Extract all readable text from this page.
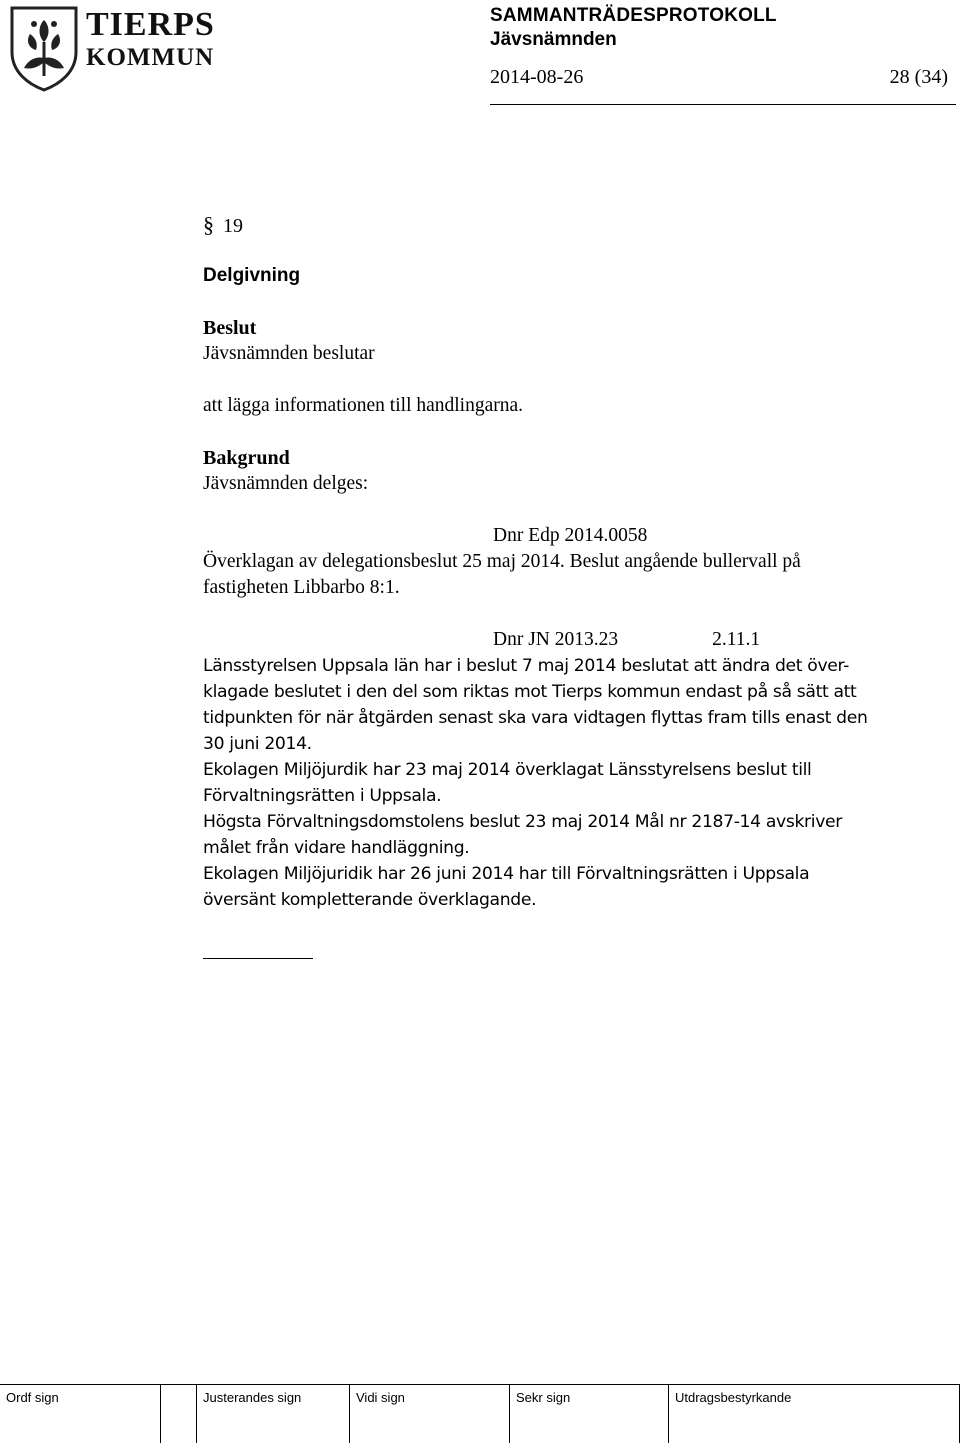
TIERPS
KOMMUN
SAMMANTRÄDESPROTOKOLL
Jävsnämnden
2014-08-26	28 (34)
§ 19
Delgivning
Beslut
Jävsnämnden beslutar
att lägga informationen till handlingarna.
Bakgrund
Jävsnämnden delges:
Dnr Edp 2014.0058
Överklagan av delegationsbeslut 25 maj 2014. Beslut angående bullervall på
fastigheten Libbarbo 8:1.
Dnr JN 2013.23	2.11.1
Länsstyrelsen Uppsala län har i beslut 7 maj 2014 beslutat att ändra det över-
klagade beslutet i den del som riktas mot Tierps kommun endast på så sätt att
tidpunkten för när åtgärden senast ska vara vidtagen flyttas fram tills enast den
30 juni 2014.
Ekolagen Miljöjurdik har 23 maj 2014 överklagat Länsstyrelsens beslut till
Förvaltningsrätten i Uppsala.
Högsta Förvaltningsdomstolens beslut 23 maj 2014 Mål nr 2187-14 avskriver
målet från vidare handläggning.
Ekolagen Miljöjuridik har 26 juni 2014 har till Förvaltningsrätten i Uppsala
översänt kompletterande överklagande.
Ordf sign	Justerandes sign	Vidi sign	Sekr sign	Utdragsbestyrkande
